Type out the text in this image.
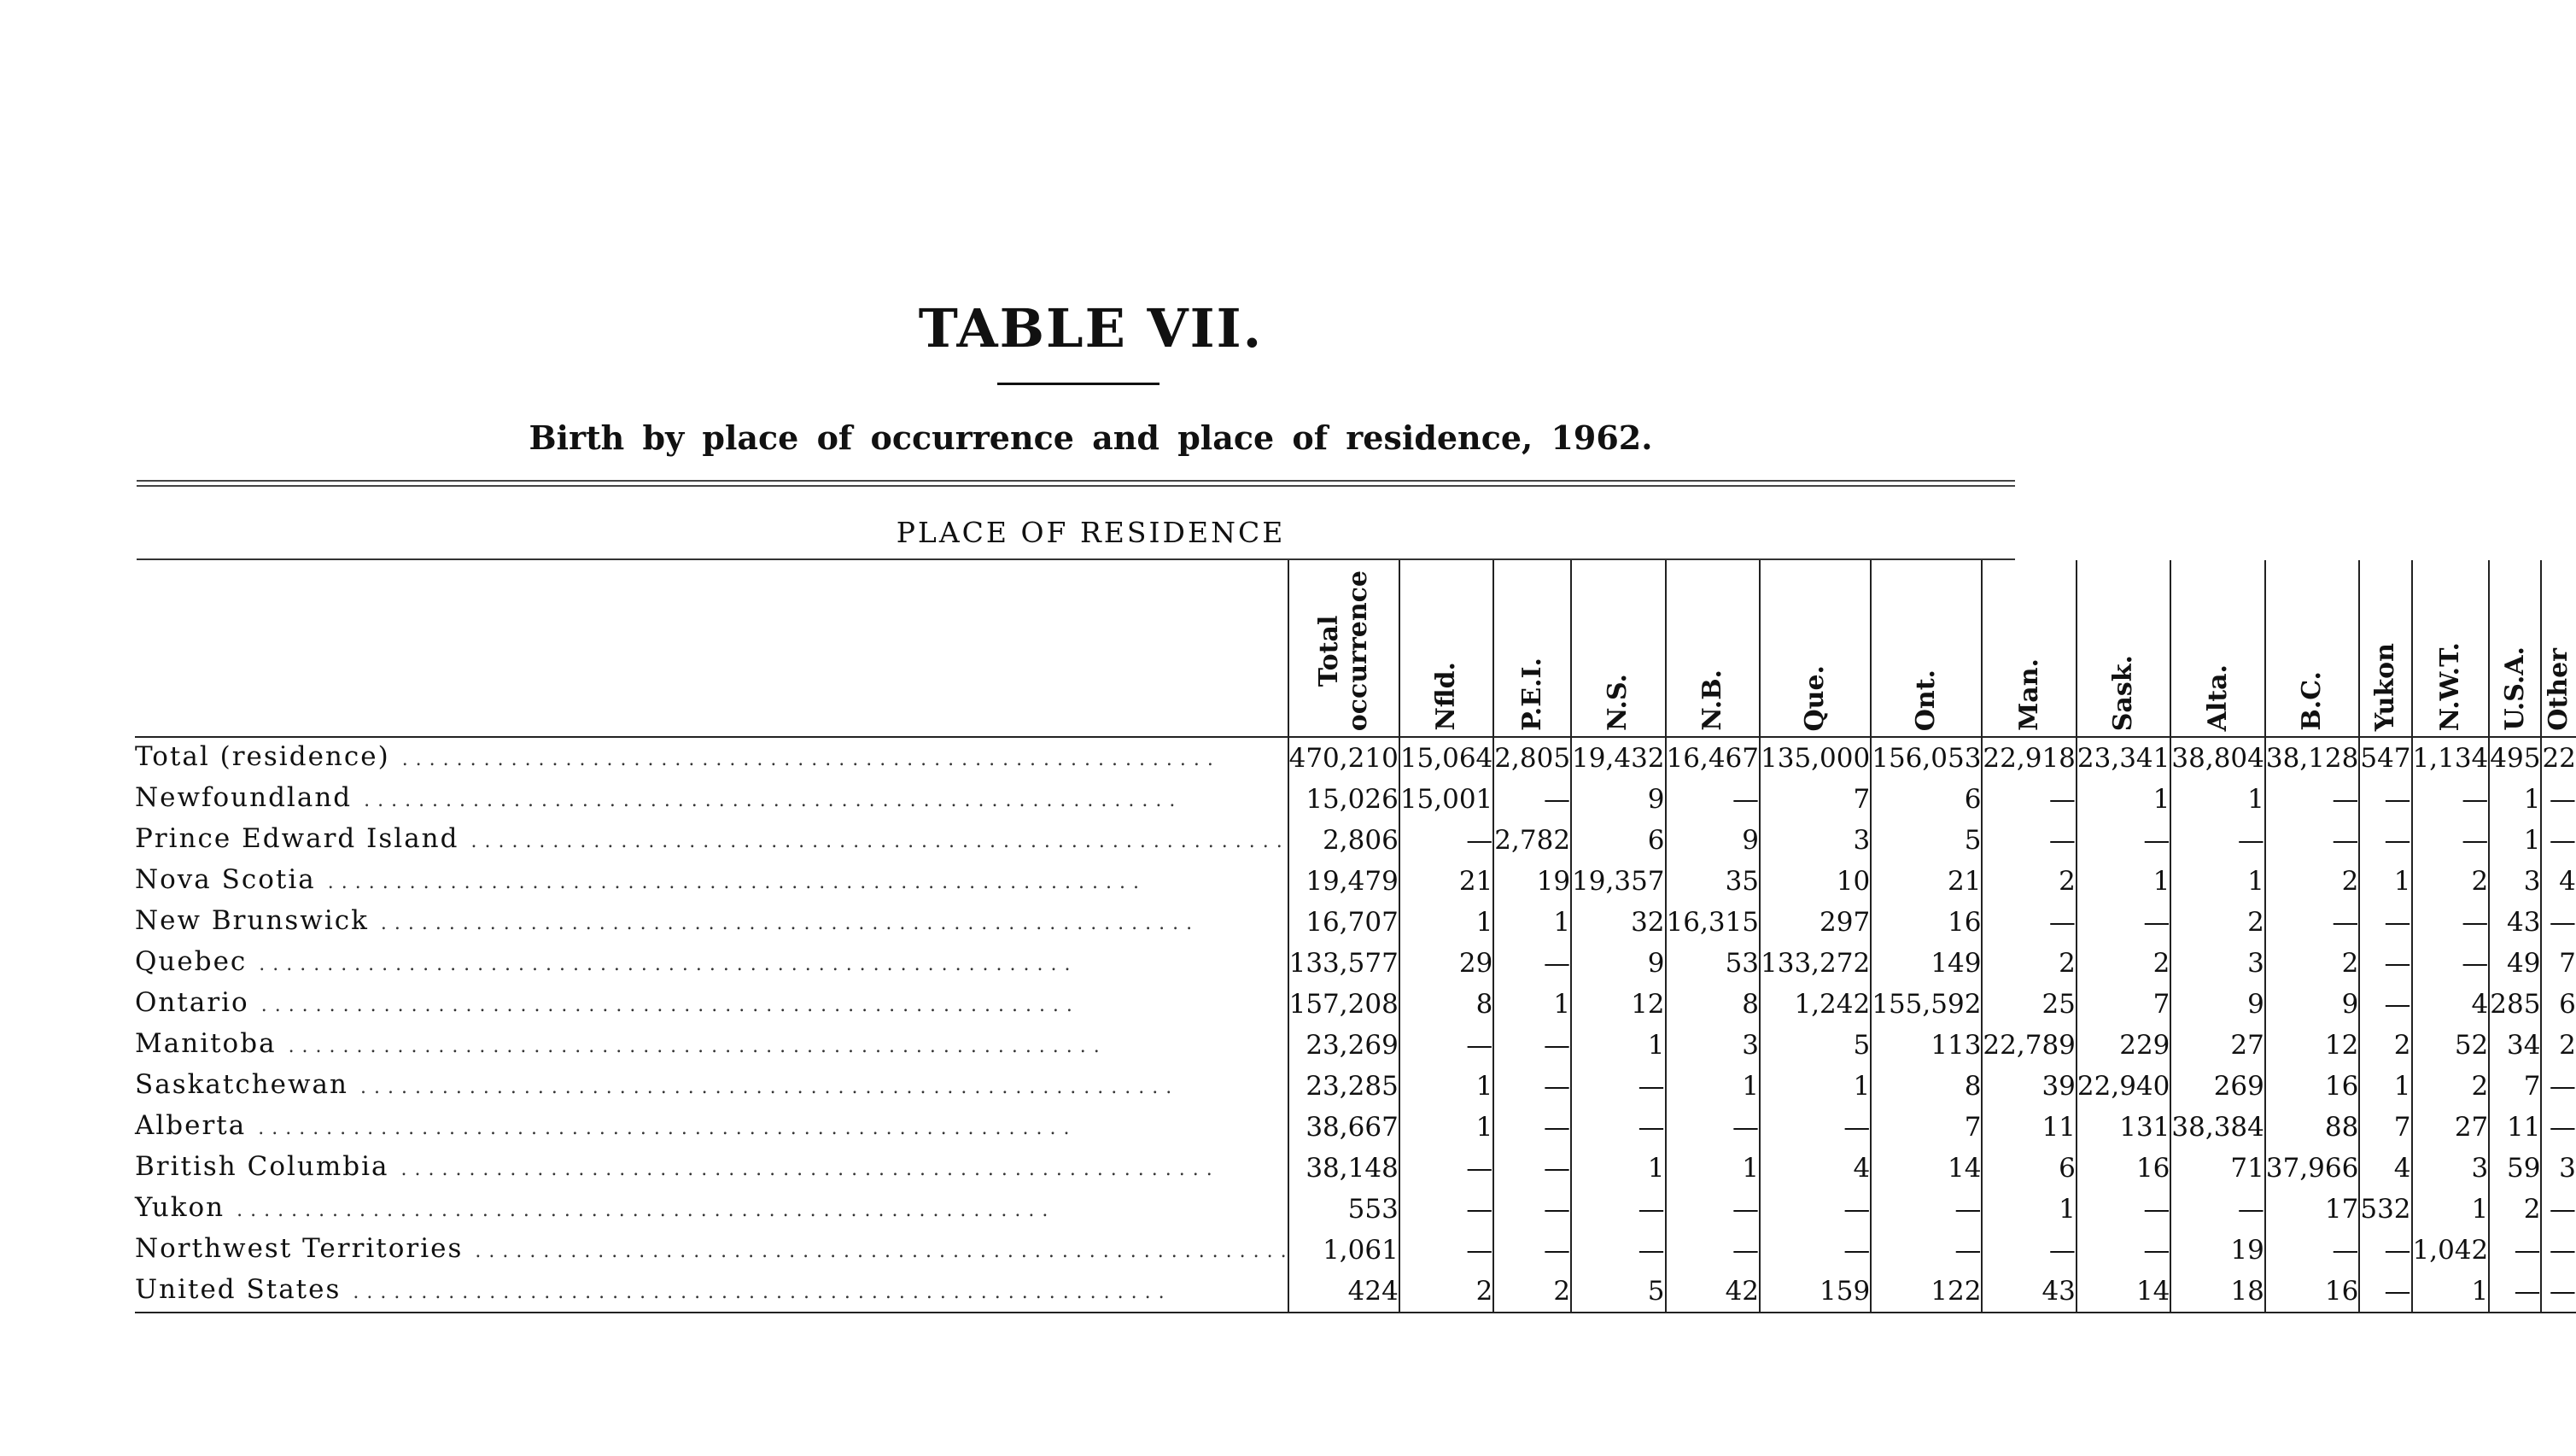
TABLE VII.
Birth by place of occurrence and place of residence, 1962.
PLACE OF RESIDENCE

	Total
occurrence	Nfld.	P.E.I.	N.S.	N.B.	Que.	Ont.	Man.	Sask.	Alta.	B.C.	Yukon	N.W.T.	U.S.A.	Other

Total (residence) . . . . . . . . . . . . . . . . . . . . . . . . . . . . . . . . . . . . . . . . . . . . . . . . . . . . . . . . . . . .	470,210	15,064	2,805	19,432	16,467	135,000	156,053	22,918	23,341	38,804	38,128	547	1,134	495	22
Newfoundland . . . . . . . . . . . . . . . . . . . . . . . . . . . . . . . . . . . . . . . . . . . . . . . . . . . . . . . . . . . .	15,026	15,001	—	9	—	7	6	—	1	1	—	—	—	1	—
Prince Edward Island . . . . . . . . . . . . . . . . . . . . . . . . . . . . . . . . . . . . . . . . . . . . . . . . . . . . . . . . . . . .	2,806	—	2,782	6	9	3	5	—	—	—	—	—	—	1	—
Nova Scotia . . . . . . . . . . . . . . . . . . . . . . . . . . . . . . . . . . . . . . . . . . . . . . . . . . . . . . . . . . . .	19,479	21	19	19,357	35	10	21	2	1	1	2	1	2	3	4
New Brunswick . . . . . . . . . . . . . . . . . . . . . . . . . . . . . . . . . . . . . . . . . . . . . . . . . . . . . . . . . . . .	16,707	1	1	32	16,315	297	16	—	—	2	—	—	—	43	—
Quebec . . . . . . . . . . . . . . . . . . . . . . . . . . . . . . . . . . . . . . . . . . . . . . . . . . . . . . . . . . . .	133,577	29	—	9	53	133,272	149	2	2	3	2	—	—	49	7
Ontario . . . . . . . . . . . . . . . . . . . . . . . . . . . . . . . . . . . . . . . . . . . . . . . . . . . . . . . . . . . .	157,208	8	1	12	8	1,242	155,592	25	7	9	9	—	4	285	6
Manitoba . . . . . . . . . . . . . . . . . . . . . . . . . . . . . . . . . . . . . . . . . . . . . . . . . . . . . . . . . . . .	23,269	—	—	1	3	5	113	22,789	229	27	12	2	52	34	2
Saskatchewan . . . . . . . . . . . . . . . . . . . . . . . . . . . . . . . . . . . . . . . . . . . . . . . . . . . . . . . . . . . .	23,285	1	—	—	1	1	8	39	22,940	269	16	1	2	7	—
Alberta . . . . . . . . . . . . . . . . . . . . . . . . . . . . . . . . . . . . . . . . . . . . . . . . . . . . . . . . . . . .	38,667	1	—	—	—	—	7	11	131	38,384	88	7	27	11	—
British Columbia . . . . . . . . . . . . . . . . . . . . . . . . . . . . . . . . . . . . . . . . . . . . . . . . . . . . . . . . . . . .	38,148	—	—	1	1	4	14	6	16	71	37,966	4	3	59	3
Yukon . . . . . . . . . . . . . . . . . . . . . . . . . . . . . . . . . . . . . . . . . . . . . . . . . . . . . . . . . . . .	553	—	—	—	—	—	—	1	—	—	17	532	1	2	—
Northwest Territories . . . . . . . . . . . . . . . . . . . . . . . . . . . . . . . . . . . . . . . . . . . . . . . . . . . . . . . . . . . .	1,061	—	—	—	—	—	—	—	—	19	—	—	1,042	—	—
United States . . . . . . . . . . . . . . . . . . . . . . . . . . . . . . . . . . . . . . . . . . . . . . . . . . . . . . . . . . . .	424	2	2	5	42	159	122	43	14	18	16	—	1	—	—
